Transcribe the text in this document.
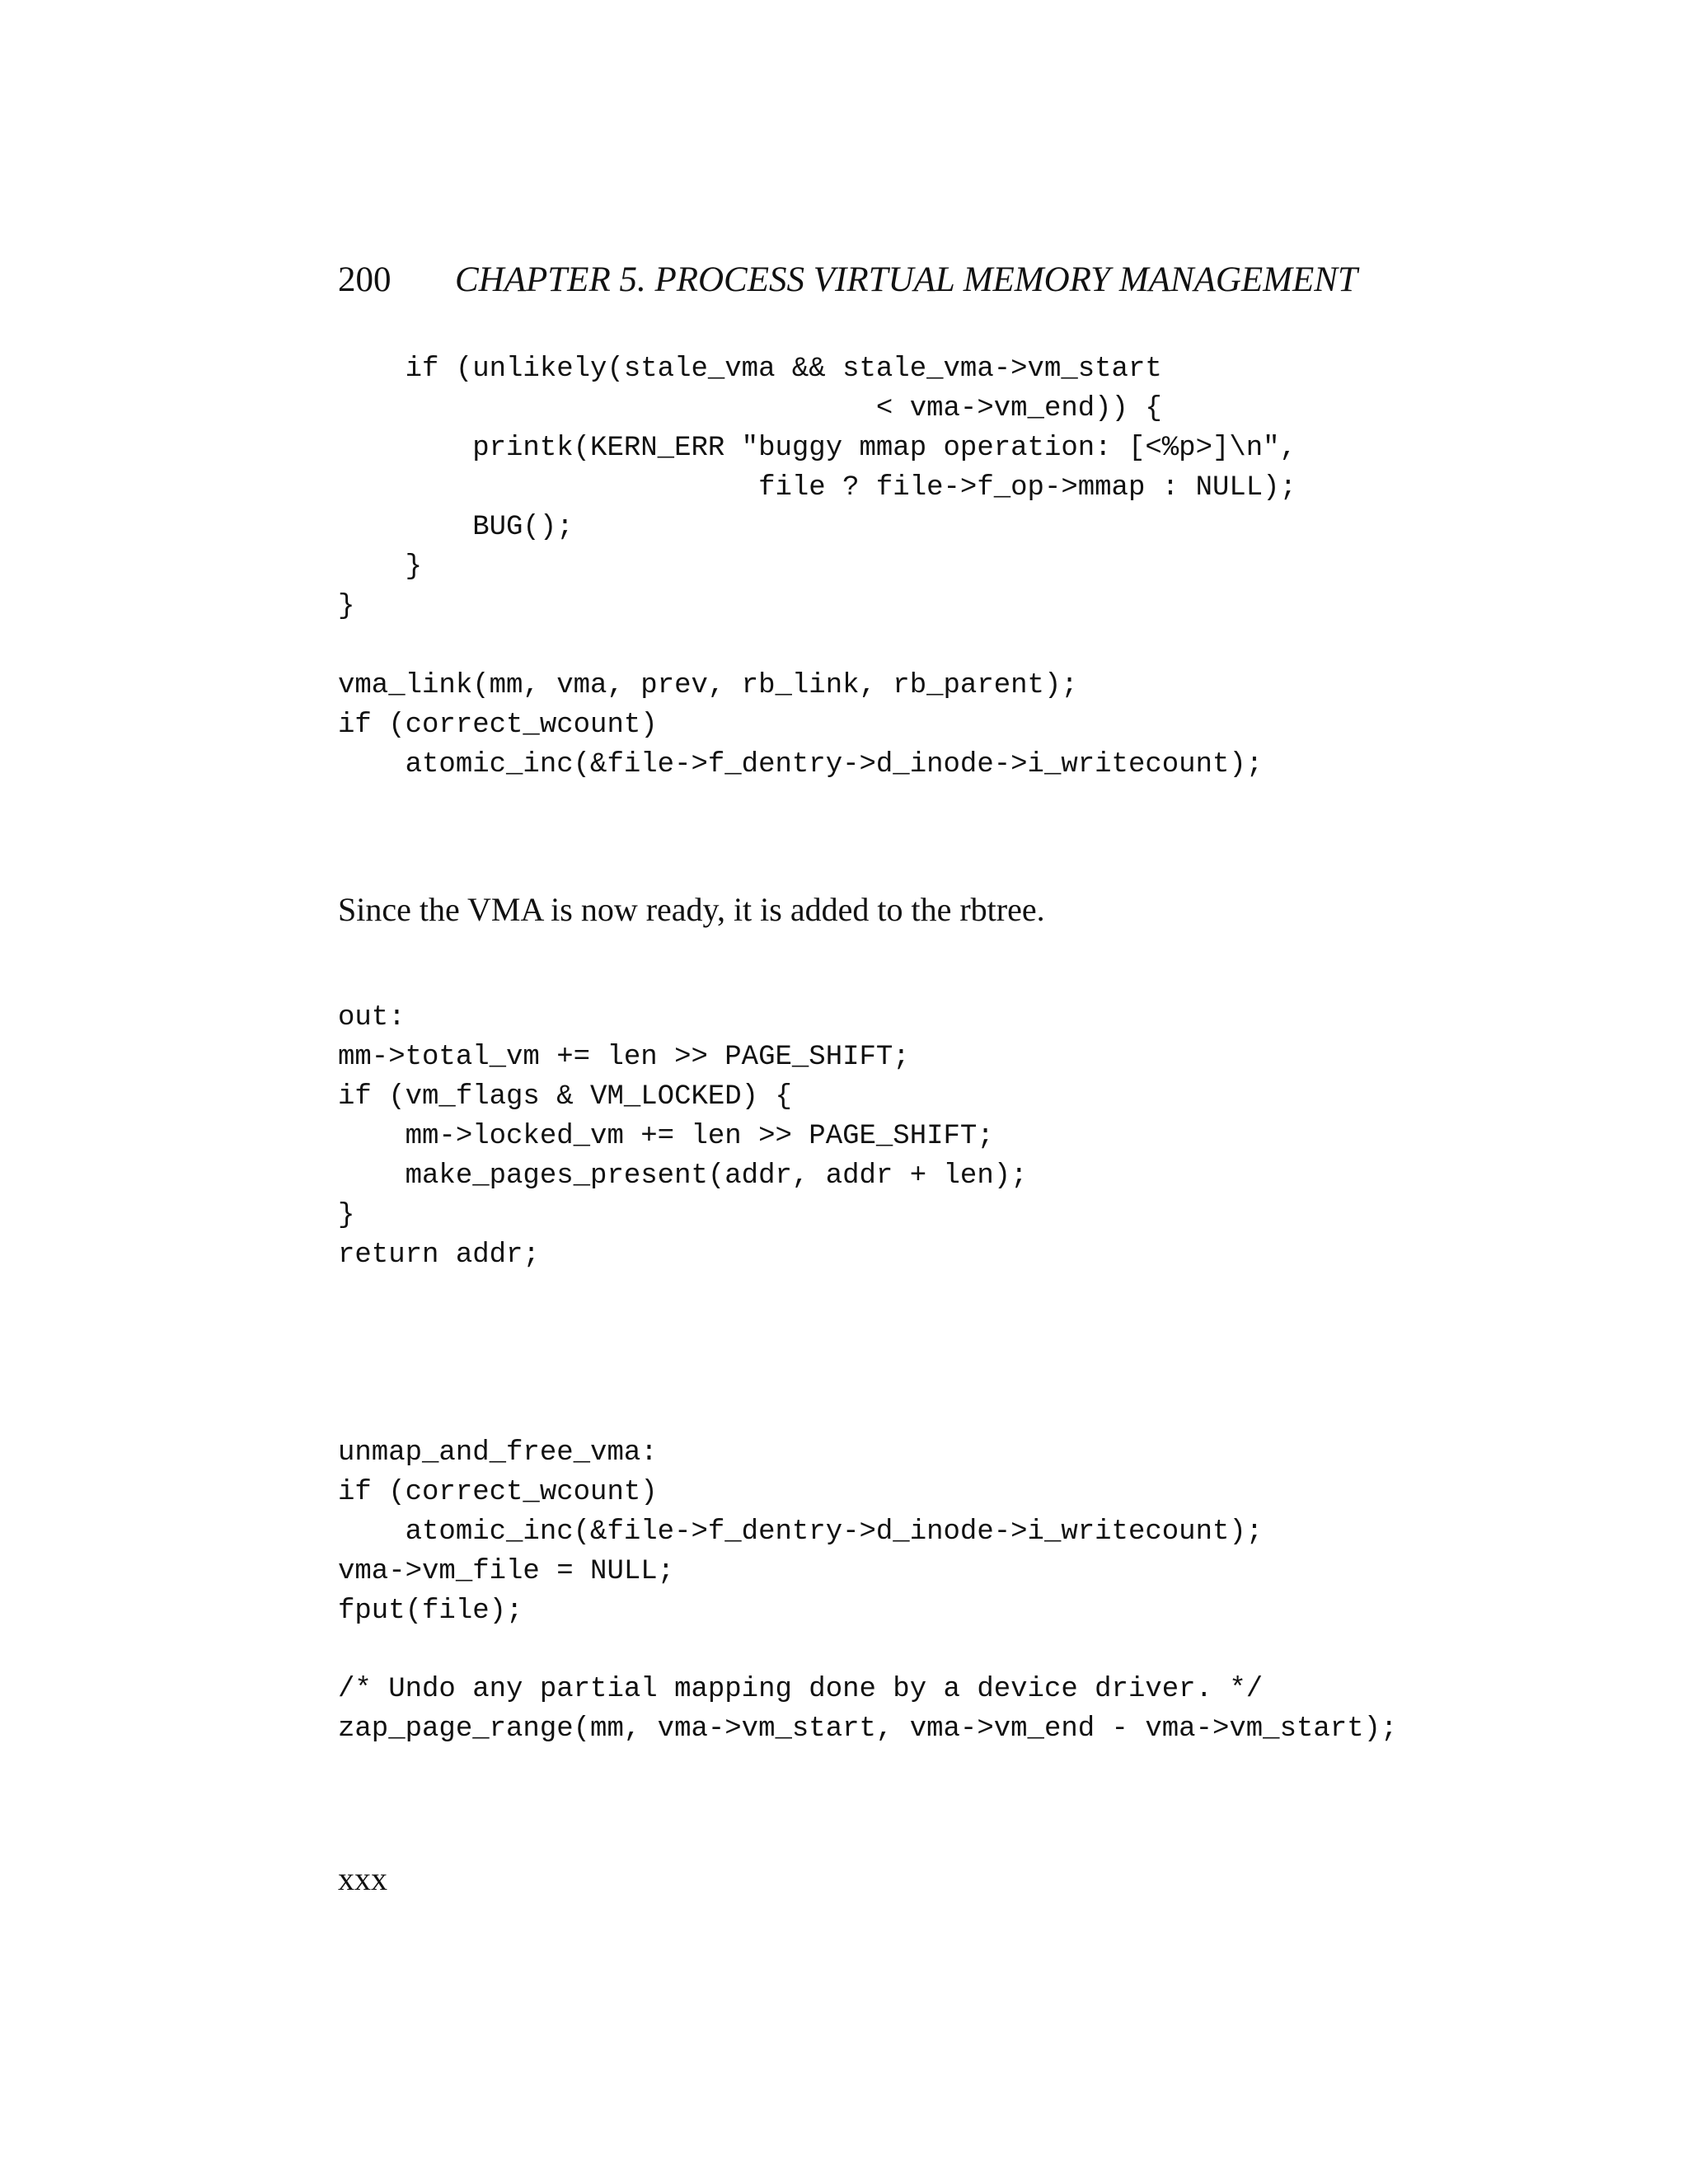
200 CHAPTER 5. PROCESS VIRTUAL MEMORY MANAGEMENT
if (unlikely(stale_vma && stale_vma->vm_start
< vma->vm_end)) {
printk(KERN_ERR "buggy mmap operation: [<%p>]\n",
file ? file->f_op->mmap : NULL);
BUG();
}
}
vma_link(mm, vma, prev, rb_link, rb_parent);
if (correct_wcount)
atomic_inc(&file->f_dentry->d_inode->i_writecount);
Since the VMA is now ready, it is added to the rbtree.
out:
mm->total_vm += len >> PAGE_SHIFT;
if (vm_flags & VM_LOCKED) {
mm->locked_vm += len >> PAGE_SHIFT;
make_pages_present(addr, addr + len);
}
return addr;
unmap_and_free_vma:
if (correct_wcount)
atomic_inc(&file->f_dentry->d_inode->i_writecount);
vma->vm_file = NULL;
fput(file);
/* Undo any partial mapping done by a device driver. */
zap_page_range(mm, vma->vm_start, vma->vm_end - vma->vm_start);
xxx
